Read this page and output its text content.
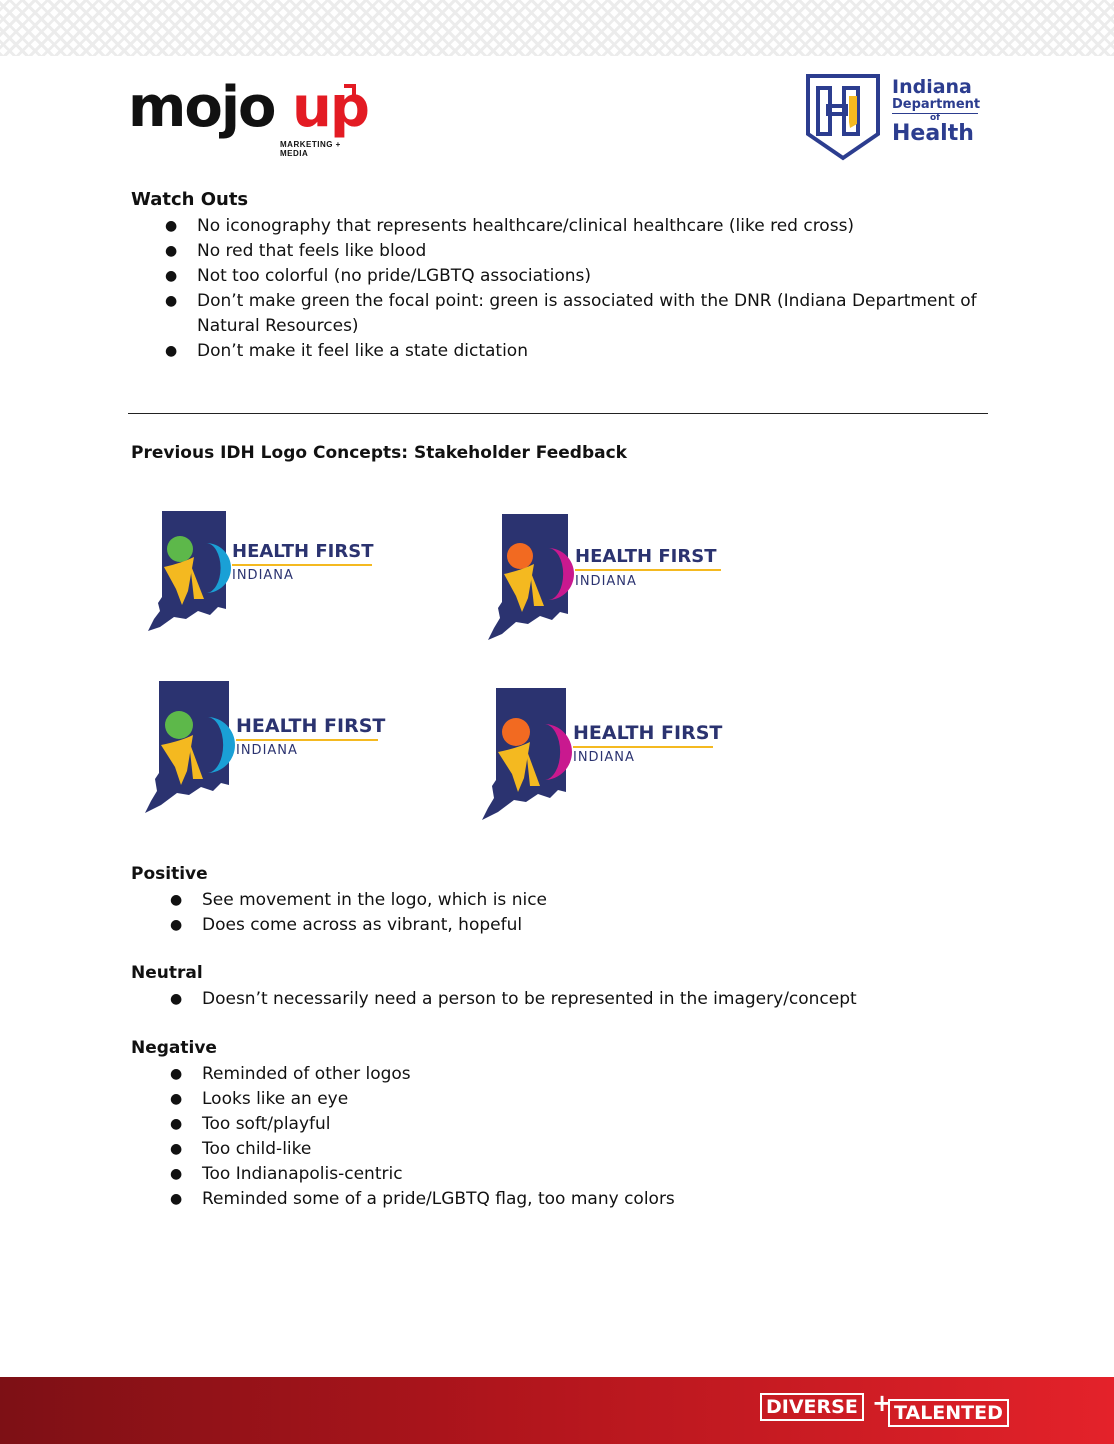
mojo up
MARKETING + MEDIA
Indiana
Department
of
Health
Watch Outs
● No iconography that represents healthcare/clinical healthcare (like red cross)
● No red that feels like blood
● Not too colorful (no pride/LGBTQ associations)
● Don’t make green the focal point: green is associated with the DNR (Indiana Department of Natural Resources)
● Don’t make it feel like a state dictation
Previous IDH Logo Concepts: Stakeholder Feedback
HEALTH FIRST
INDIANA
HEALTH FIRST
INDIANA
HEALTH FIRST
INDIANA
HEALTH FIRST
INDIANA
Positive
● See movement in the logo, which is nice
● Does come across as vibrant, hopeful
Neutral
● Doesn’t necessarily need a person to be represented in the imagery/concept
Negative
● Reminded of other logos
● Looks like an eye
● Too soft/playful
● Too child-like
● Too Indianapolis-centric
● Reminded some of a pride/LGBTQ flag, too many colors
DIVERSE + TALENTED
